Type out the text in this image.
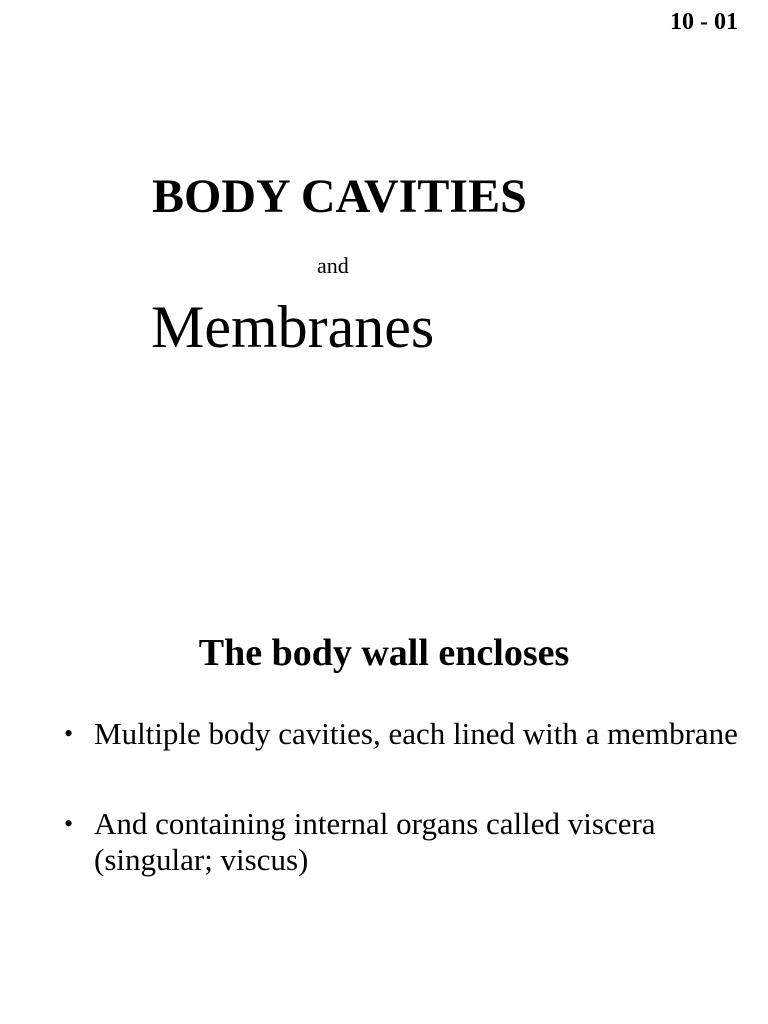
10 - 01
BODY CAVITIES
and
Membranes
The body wall encloses
• Multiple body cavities, each lined with a membrane
• And containing internal organs called viscera (singular; viscus)
